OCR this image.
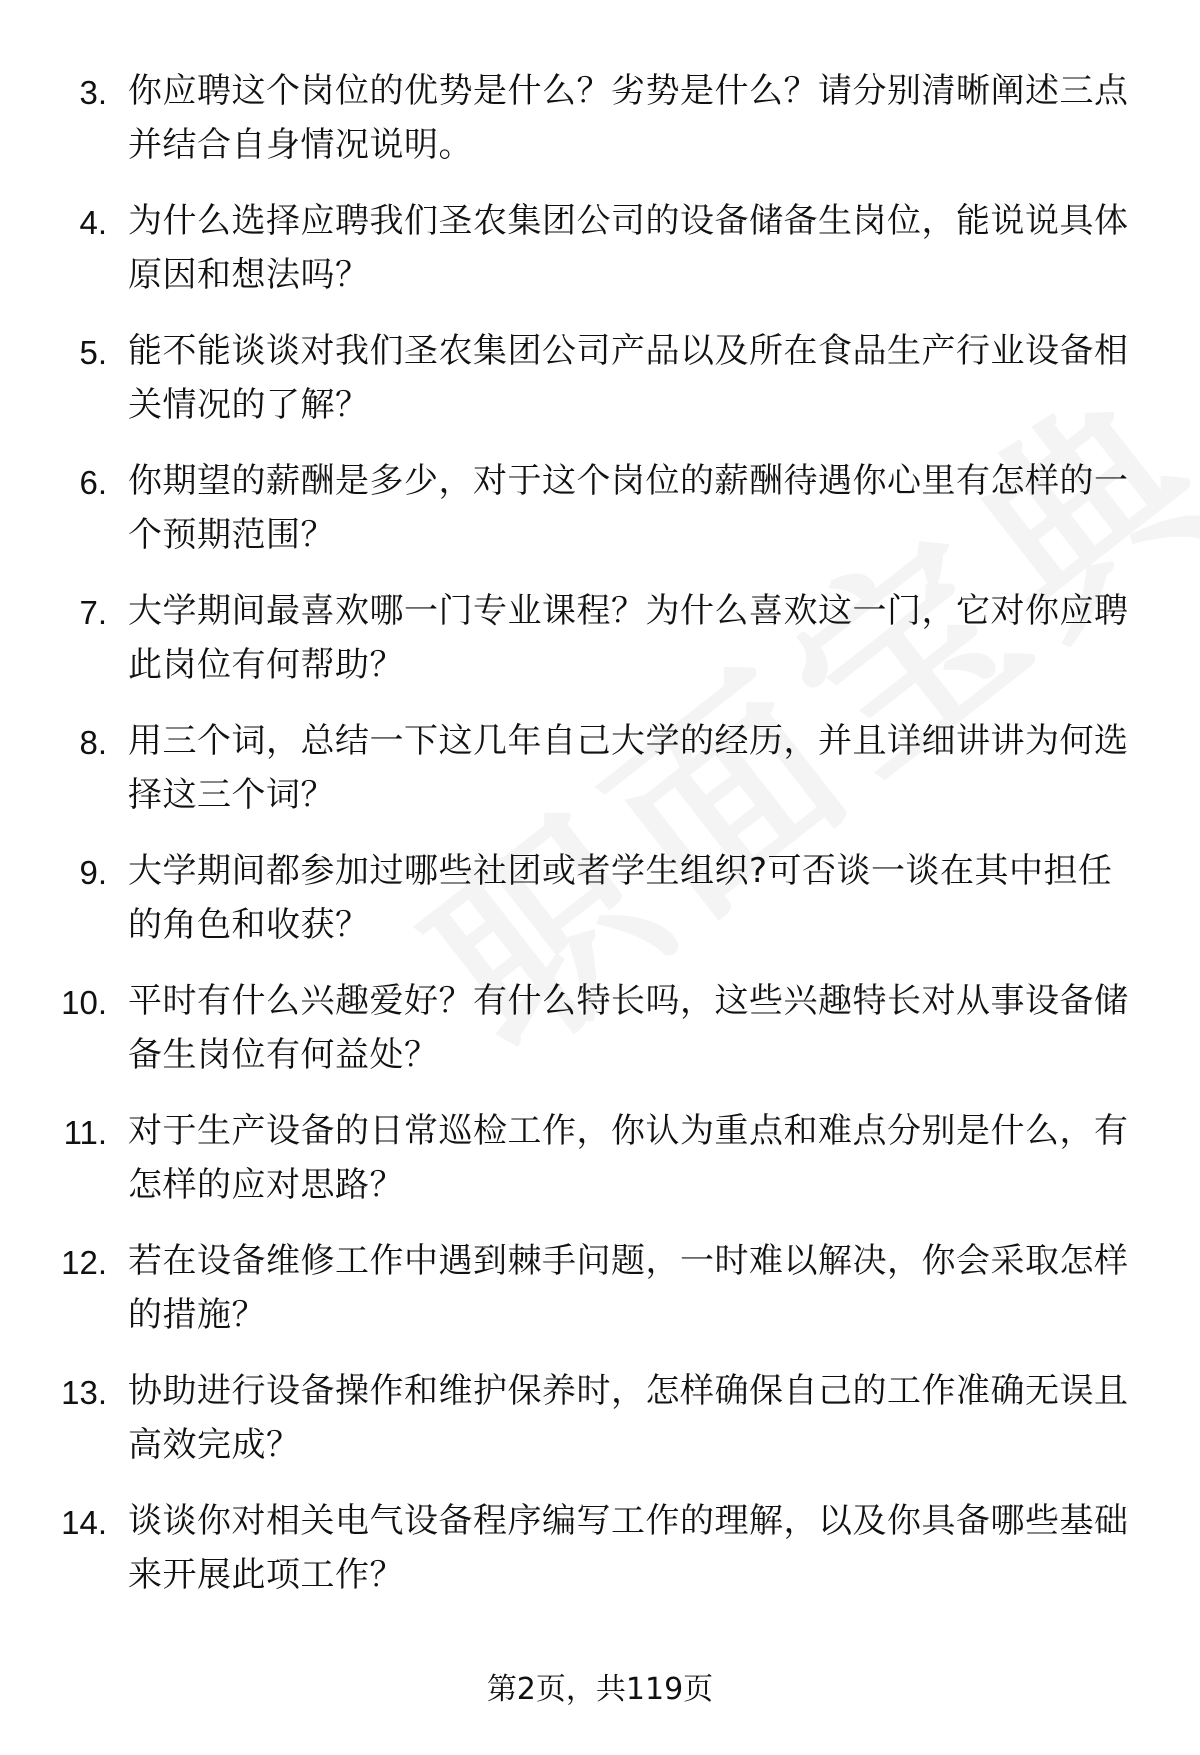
3. 你应聘这个岗位的优势是什么？劣势是什么？请分别清晰阐述三点并结合自身情况说明。
4. 为什么选择应聘我们圣农集团公司的设备储备生岗位，能说说具体原因和想法吗？
5. 能不能谈谈对我们圣农集团公司产品以及所在食品生产行业设备相关情况的了解？
6. 你期望的薪酬是多少，对于这个岗位的薪酬待遇你心里有怎样的一个预期范围？
7. 大学期间最喜欢哪一门专业课程？为什么喜欢这一门，它对你应聘此岗位有何帮助？
8. 用三个词，总结一下这几年自己大学的经历，并且详细讲讲为何选择这三个词？
9. 大学期间都参加过哪些社团或者学生组织?可否谈一谈在其中担任的角色和收获？
10. 平时有什么兴趣爱好？有什么特长吗，这些兴趣特长对从事设备储备生岗位有何益处？
11. 对于生产设备的日常巡检工作，你认为重点和难点分别是什么，有怎样的应对思路？
12. 若在设备维修工作中遇到棘手问题，一时难以解决，你会采取怎样的措施？
13. 协助进行设备操作和维护保养时，怎样确保自己的工作准确无误且高效完成？
14. 谈谈你对相关电气设备程序编写工作的理解，以及你具备哪些基础来开展此项工作？
第2页，共119页
